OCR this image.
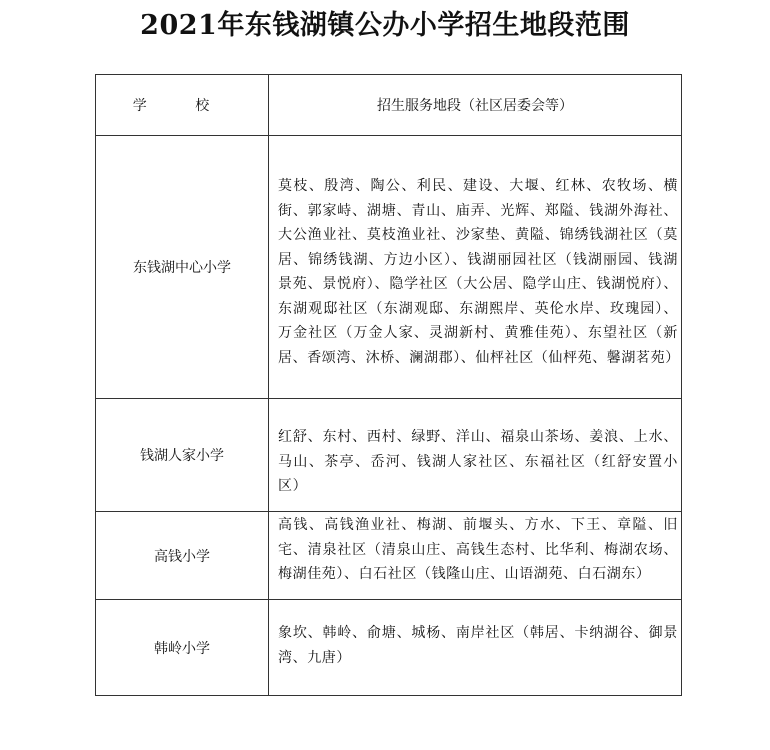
2021年东钱湖镇公办小学招生地段范围
学 校	招生服务地段（社区居委会等）
东钱湖中心小学	莫枝、殷湾、陶公、利民、建设、大堰、红林、农牧场、横街、郭家峙、湖塘、青山、庙弄、光辉、郑隘、钱湖外海社、大公渔业社、莫枝渔业社、沙家垫、黄隘、锦绣钱湖社区（莫居、锦绣钱湖、方边小区）、钱湖丽园社区（钱湖丽园、钱湖景苑、景悦府）、隐学社区（大公居、隐学山庄、钱湖悦府）、东湖观邸社区（东湖观邸、东湖熙岸、英伦水岸、玫瑰园）、万金社区（万金人家、灵湖新村、黄雅佳苑）、东望社区（新居、香颂湾、沐桥、澜湖郡）、仙枰社区（仙枰苑、馨湖茗苑）
钱湖人家小学	红舒、东村、西村、绿野、洋山、福泉山茶场、姜浪、上水、马山、茶亭、岙河、钱湖人家社区、东福社区（红舒安置小区）
高钱小学	高钱、高钱渔业社、梅湖、前堰头、方水、下王、章隘、旧宅、清泉社区（清泉山庄、高钱生态村、比华利、梅湖农场、梅湖佳苑）、白石社区（钱隆山庄、山语湖苑、白石湖东）
韩岭小学	象坎、韩岭、俞塘、城杨、南岸社区（韩居、卡纳湖谷、御景湾、九唐）
